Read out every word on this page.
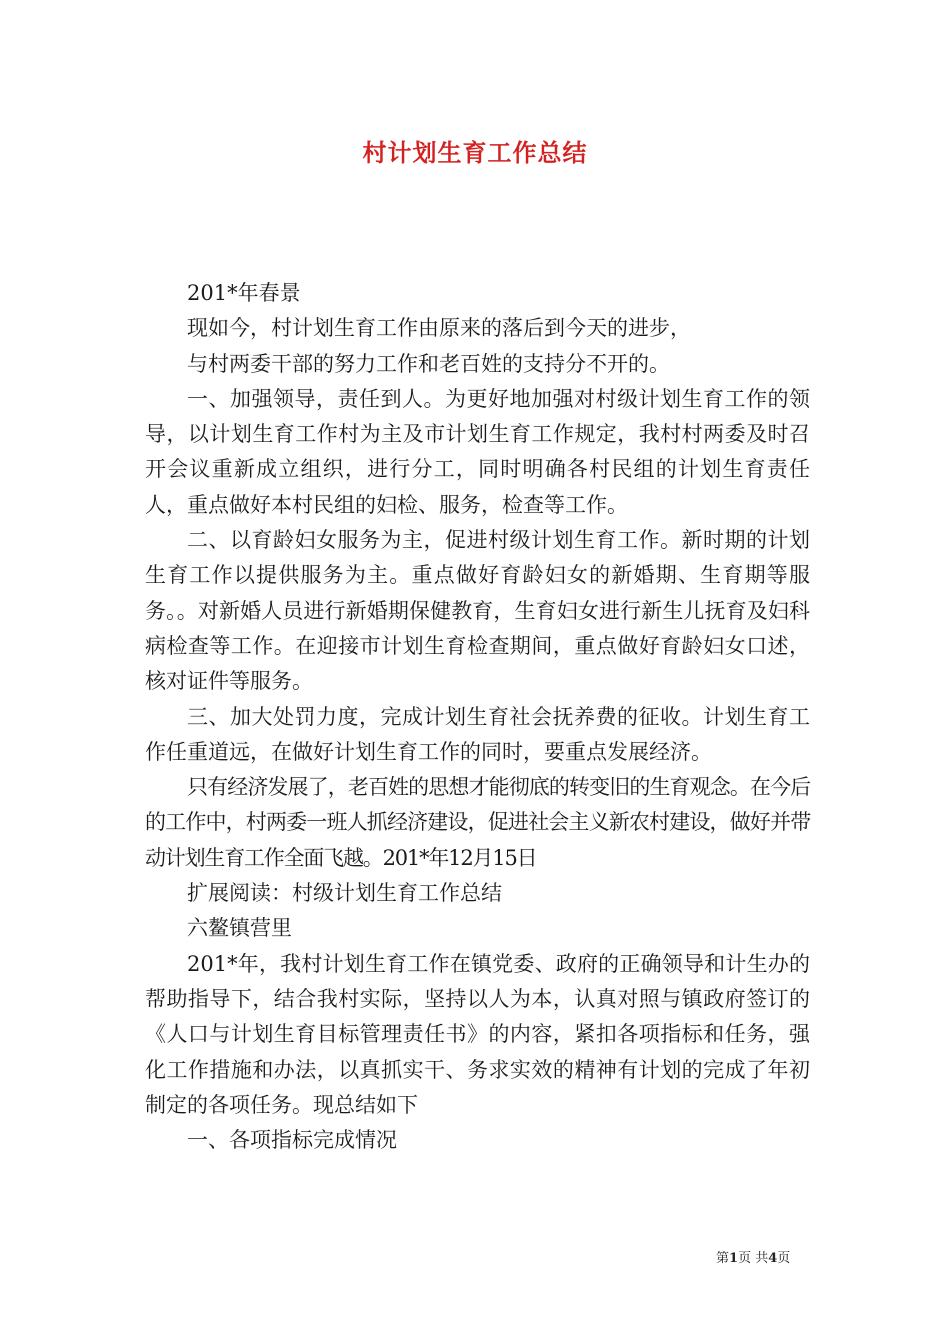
村计划生育工作总结

201*年春景

现如今，村计划生育工作由原来的落后到今天的进步，

与村两委干部的努力工作和老百姓的支持分不开的。

一、加强领导，责任到人。为更好地加强对村级计划生育工作的领导，以计划生育工作村为主及市计划生育工作规定，我村村两委及时召开会议重新成立组织，进行分工，同时明确各村民组的计划生育责任人，重点做好本村民组的妇检、服务，检查等工作。

二、以育龄妇女服务为主，促进村级计划生育工作。新时期的计划生育工作以提供服务为主。重点做好育龄妇女的新婚期、生育期等服务。。对新婚人员进行新婚期保健教育，生育妇女进行新生儿抚育及妇科病检查等工作。在迎接市计划生育检查期间，重点做好育龄妇女口述，核对证件等服务。

三、加大处罚力度，完成计划生育社会抚养费的征收。计划生育工作任重道远，在做好计划生育工作的同时，要重点发展经济。

只有经济发展了，老百姓的思想才能彻底的转变旧的生育观念。在今后的工作中，村两委一班人抓经济建设，促进社会主义新农村建设，做好并带动计划生育工作全面飞越。201*年12月15日

扩展阅读：村级计划生育工作总结

六鳌镇营里

201*年，我村计划生育工作在镇党委、政府的正确领导和计生办的帮助指导下，结合我村实际，坚持以人为本，认真对照与镇政府签订的《人口与计划生育目标管理责任书》的内容，紧扣各项指标和任务，强化工作措施和办法，以真抓实干、务求实效的精神有计划的完成了年初制定的各项任务。现总结如下

一、各项指标完成情况

第1页 共4页
